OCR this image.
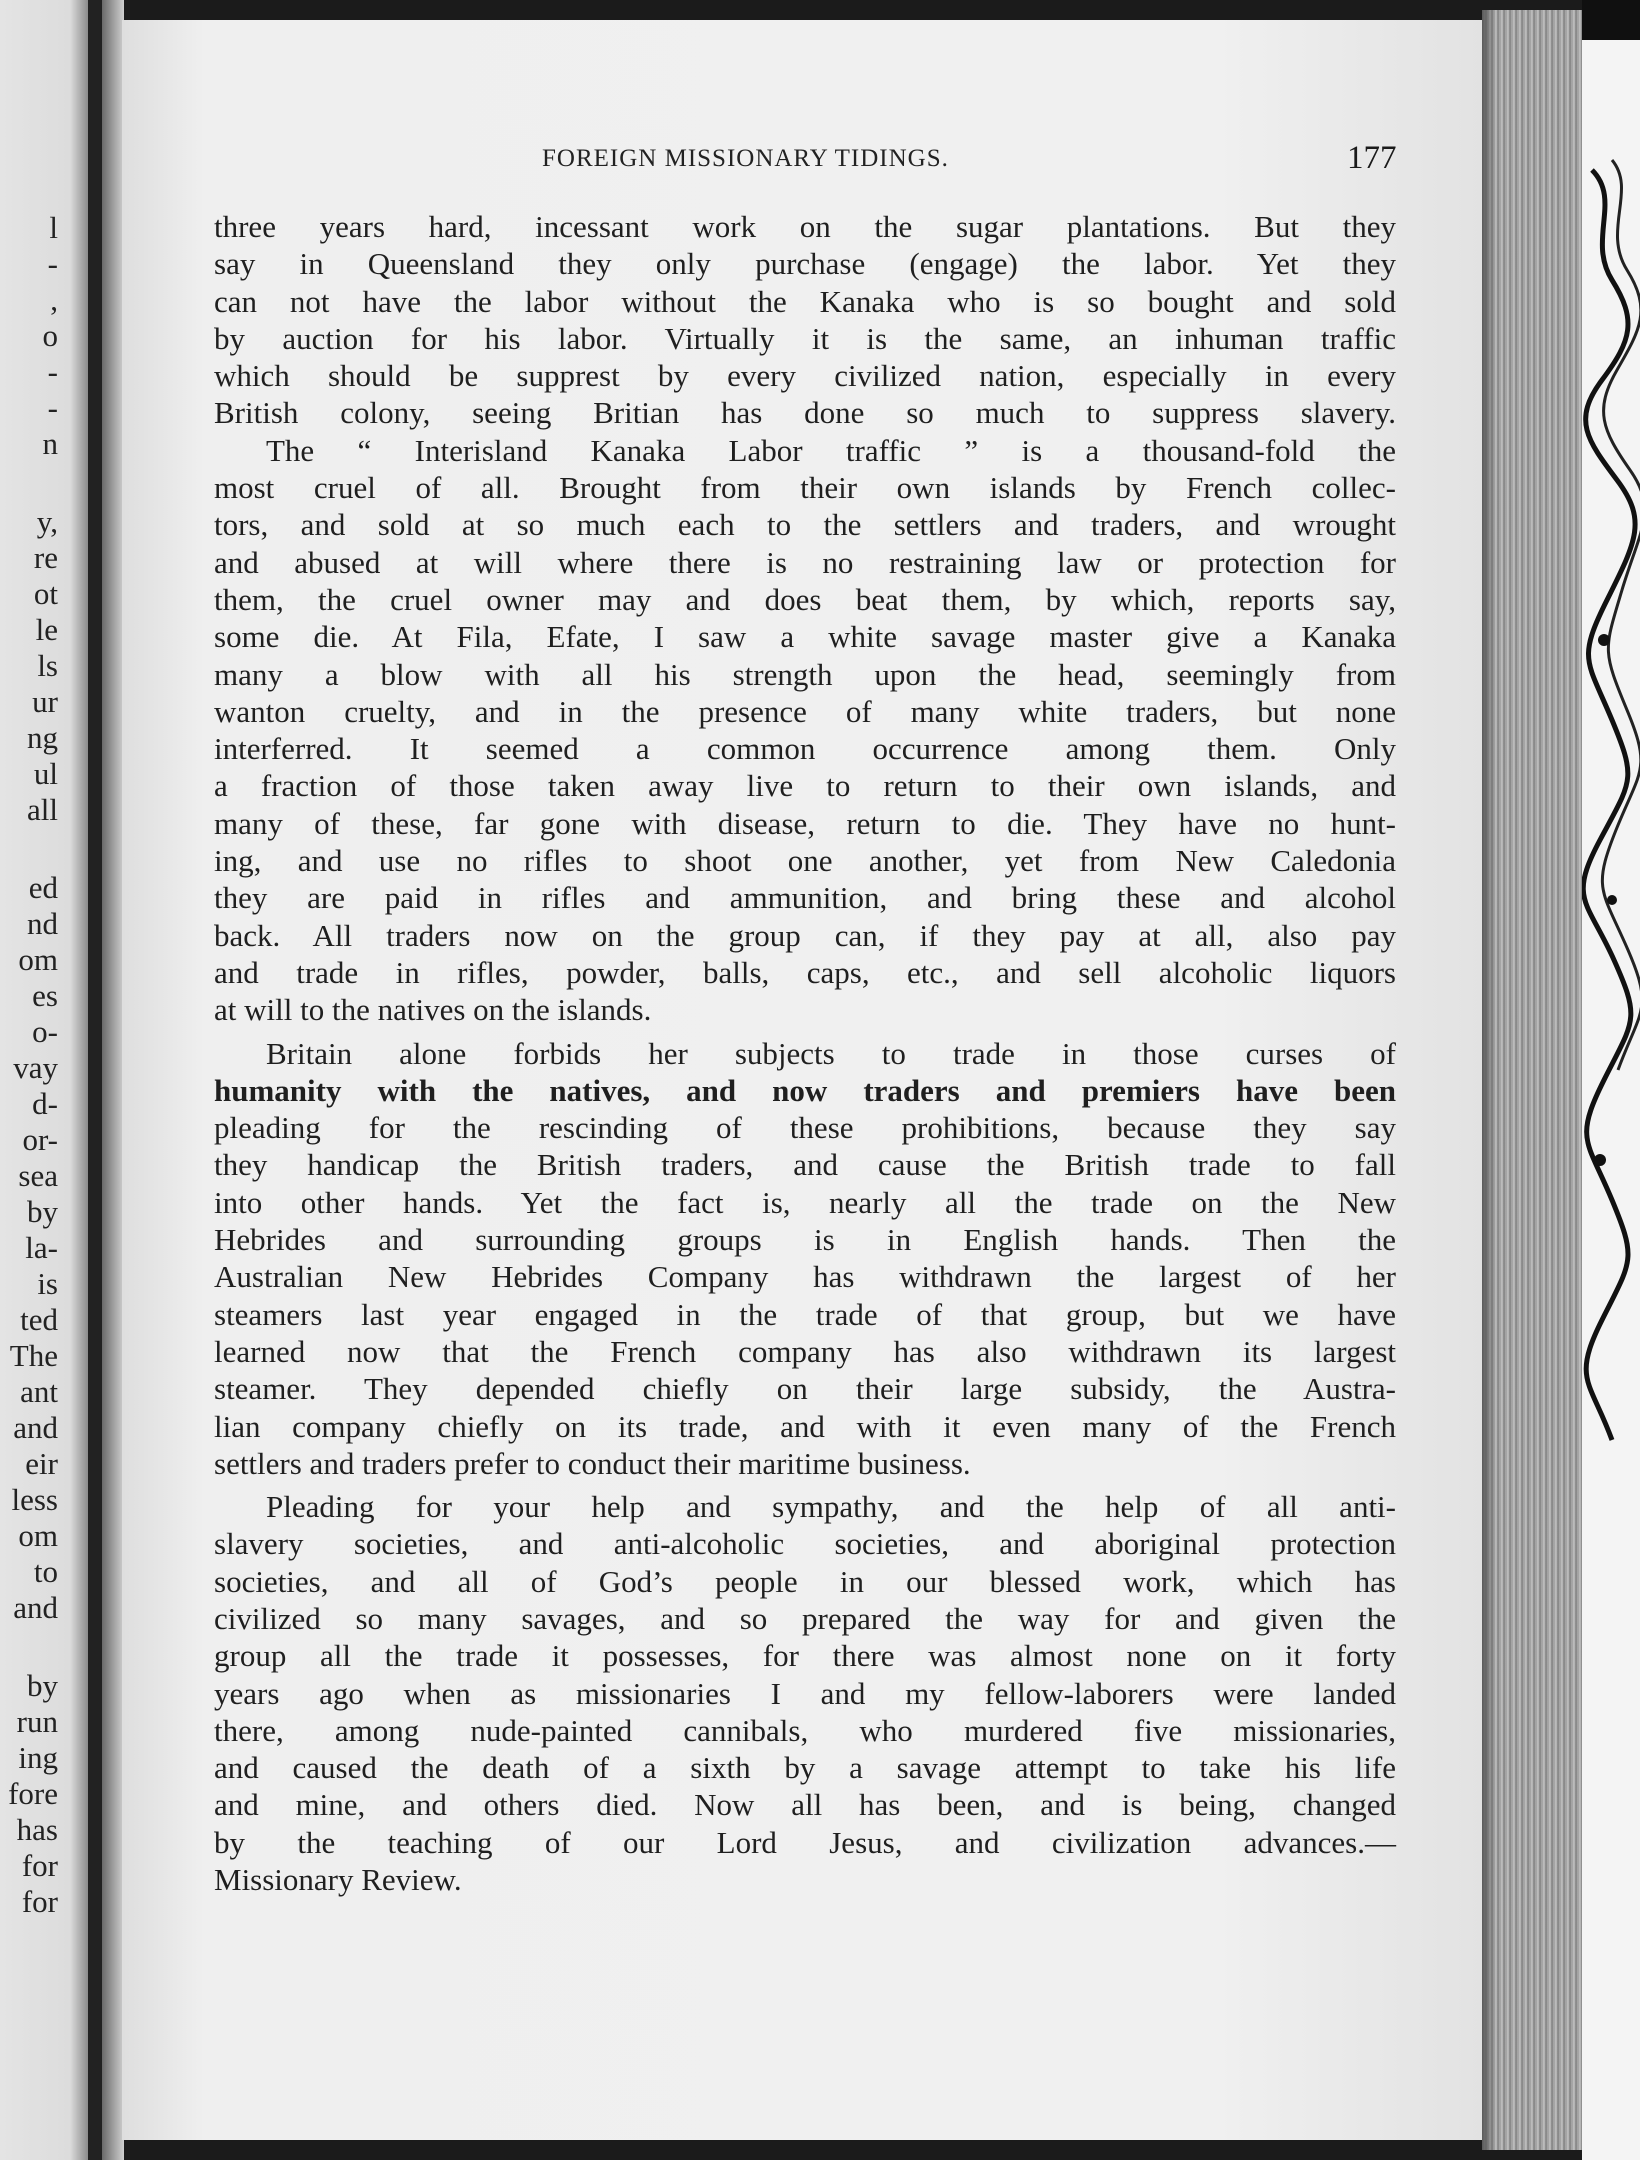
l
-
,
o
-
-
n
y,
re
ot
le
ls
ur
ng
ul
all
ed
nd
om
es
o-
vay
d-
or-
sea
by
la-
is
ted
The
ant
and
eir
less
om
to
and
by
run
ing
fore
has
for
for
FOREIGN MISSIONARY TIDINGS.	177

three years hard, incessant work on the sugar plantations. But they
say in Queensland they only purchase (engage) the labor. Yet they
can not have the labor without the Kanaka who is so bought and sold
by auction for his labor. Virtually it is the same, an inhuman traffic
which should be supprest by every civilized nation, especially in every
British colony, seeing Britian has done so much to suppress slavery.

The “ Interisland Kanaka Labor traffic ” is a thousand-fold the
most cruel of all. Brought from their own islands by French collec-
tors, and sold at so much each to the settlers and traders, and wrought
and abused at will where there is no restraining law or protection for
them, the cruel owner may and does beat them, by which, reports say,
some die. At Fila, Efate, I saw a white savage master give a Kanaka
many a blow with all his strength upon the head, seemingly from
wanton cruelty, and in the presence of many white traders, but none
interferred. It seemed a common occurrence among them. Only
a fraction of those taken away live to return to their own islands, and
many of these, far gone with disease, return to die. They have no hunt-
ing, and use no rifles to shoot one another, yet from New Caledonia
they are paid in rifles and ammunition, and bring these and alcohol
back. All traders now on the group can, if they pay at all, also pay
and trade in rifles, powder, balls, caps, etc., and sell alcoholic liquors
at will to the natives on the islands.

Britain alone forbids her subjects to trade in those curses of
humanity with the natives, and now traders and premiers have been
pleading for the rescinding of these prohibitions, because they say
they handicap the British traders, and cause the British trade to fall
into other hands. Yet the fact is, nearly all the trade on the New
Hebrides and surrounding groups is in English hands. Then the
Australian New Hebrides Company has withdrawn the largest of her
steamers last year engaged in the trade of that group, but we have
learned now that the French company has also withdrawn its largest
steamer. They depended chiefly on their large subsidy, the Austra-
lian company chiefly on its trade, and with it even many of the French
settlers and traders prefer to conduct their maritime business.

Pleading for your help and sympathy, and the help of all anti-
slavery societies, and anti-alcoholic societies, and aboriginal protection
societies, and all of God’s people in our blessed work, which has
civilized so many savages, and so prepared the way for and given the
group all the trade it possesses, for there was almost none on it forty
years ago when as missionaries I and my fellow-laborers were landed
there, among nude-painted cannibals, who murdered five missionaries,
and caused the death of a sixth by a savage attempt to take his life
and mine, and others died. Now all has been, and is being, changed
by the teaching of our Lord Jesus, and civilization advances.—
Missionary Review.
